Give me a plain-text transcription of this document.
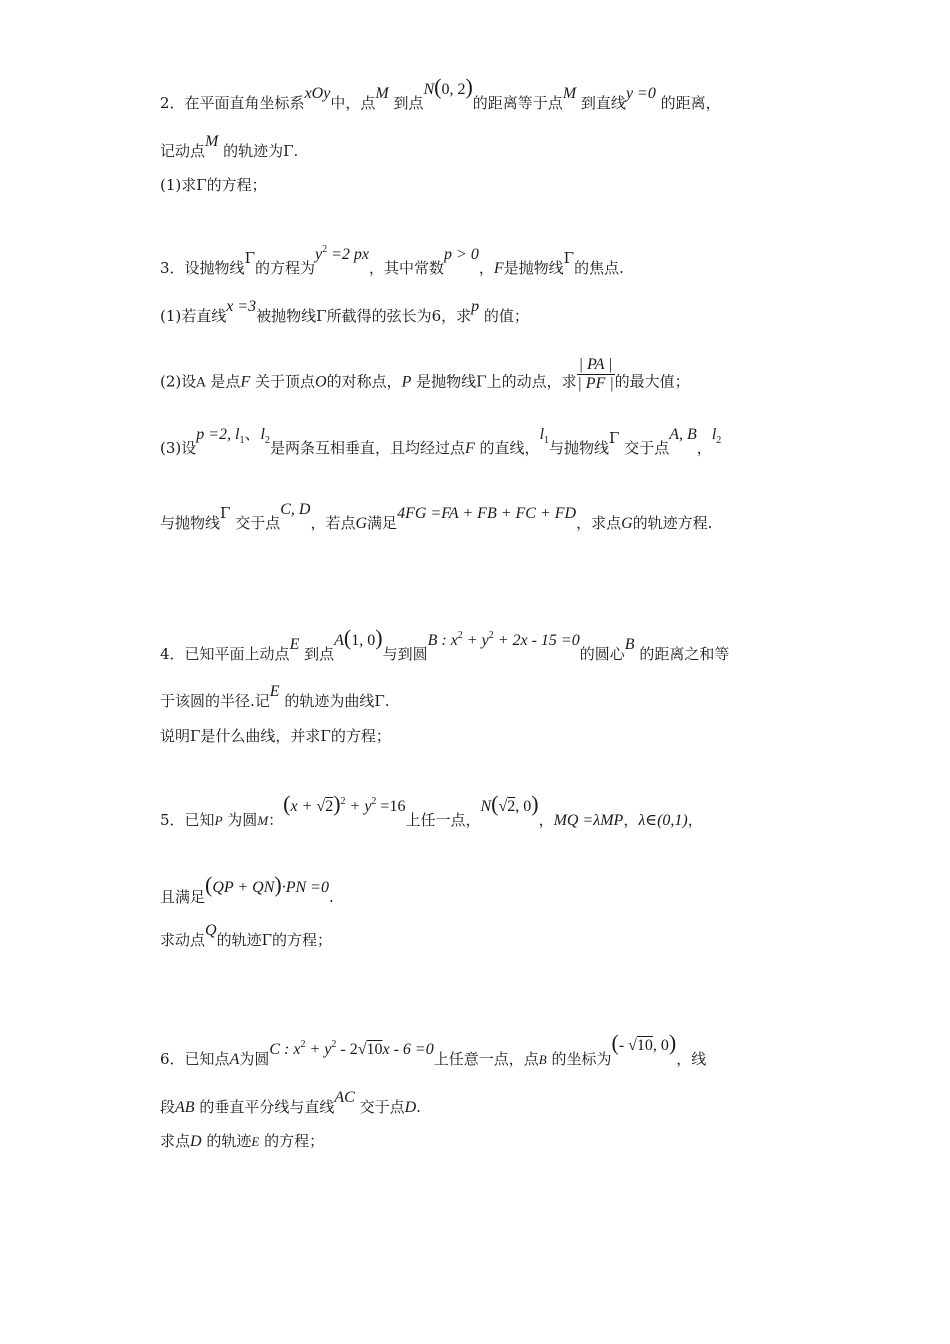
2．在平面直角坐标系xOy中，点M 到点N(0, 2)的距离等于点M 到直线y =0 的距离，
记动点M 的轨迹为Γ.
(1)求Γ的方程；
3．设抛物线Γ的方程为$y^2 =2$ px，其中常数p > 0，F是抛物线Γ的焦点.
(1)若直线x =3被抛物线Γ所截得的弦长为6，求p 的值；
(2)设A 是点F 关于顶点O的对称点，P 是抛物线Γ上的动点，求 $\frac{| PA |}{| PF |}$ 的最大值；
(3)设p =2, $l_1$、$l_2$是两条互相垂直，且均经过点F 的直线，$l_1$与抛物线Γ 交于点A, B，$l_2$
与抛物线Γ 交于点C, D，若点G满足4FG =FA + FB + FC + FD，求点G的轨迹方程.
4．已知平面上动点E 到点A(1, 0)与到圆B : $x^2 + y^2 + 2x - 15 =0$的圆心B 的距离之和等
于该圆的半径.记E 的轨迹为曲线Γ.
说明Γ是什么曲线，并求Γ的方程；
5．已知P 为圆M：$(x + √2)^2 + y^2 =16$上任一点，N(√2, 0)，MQ =λMP，λ∈(0,1)，
且满足(QP + QN)·PN =0.
求动点Q的轨迹Γ的方程；
6．已知点A为圆C : $x^2 + y^2 - 2√10x - 6 =0$上任意一点，点B 的坐标为(- √10, 0)，线
段AB 的垂直平分线与直线AC 交于点D.
求点D 的轨迹E 的方程；
